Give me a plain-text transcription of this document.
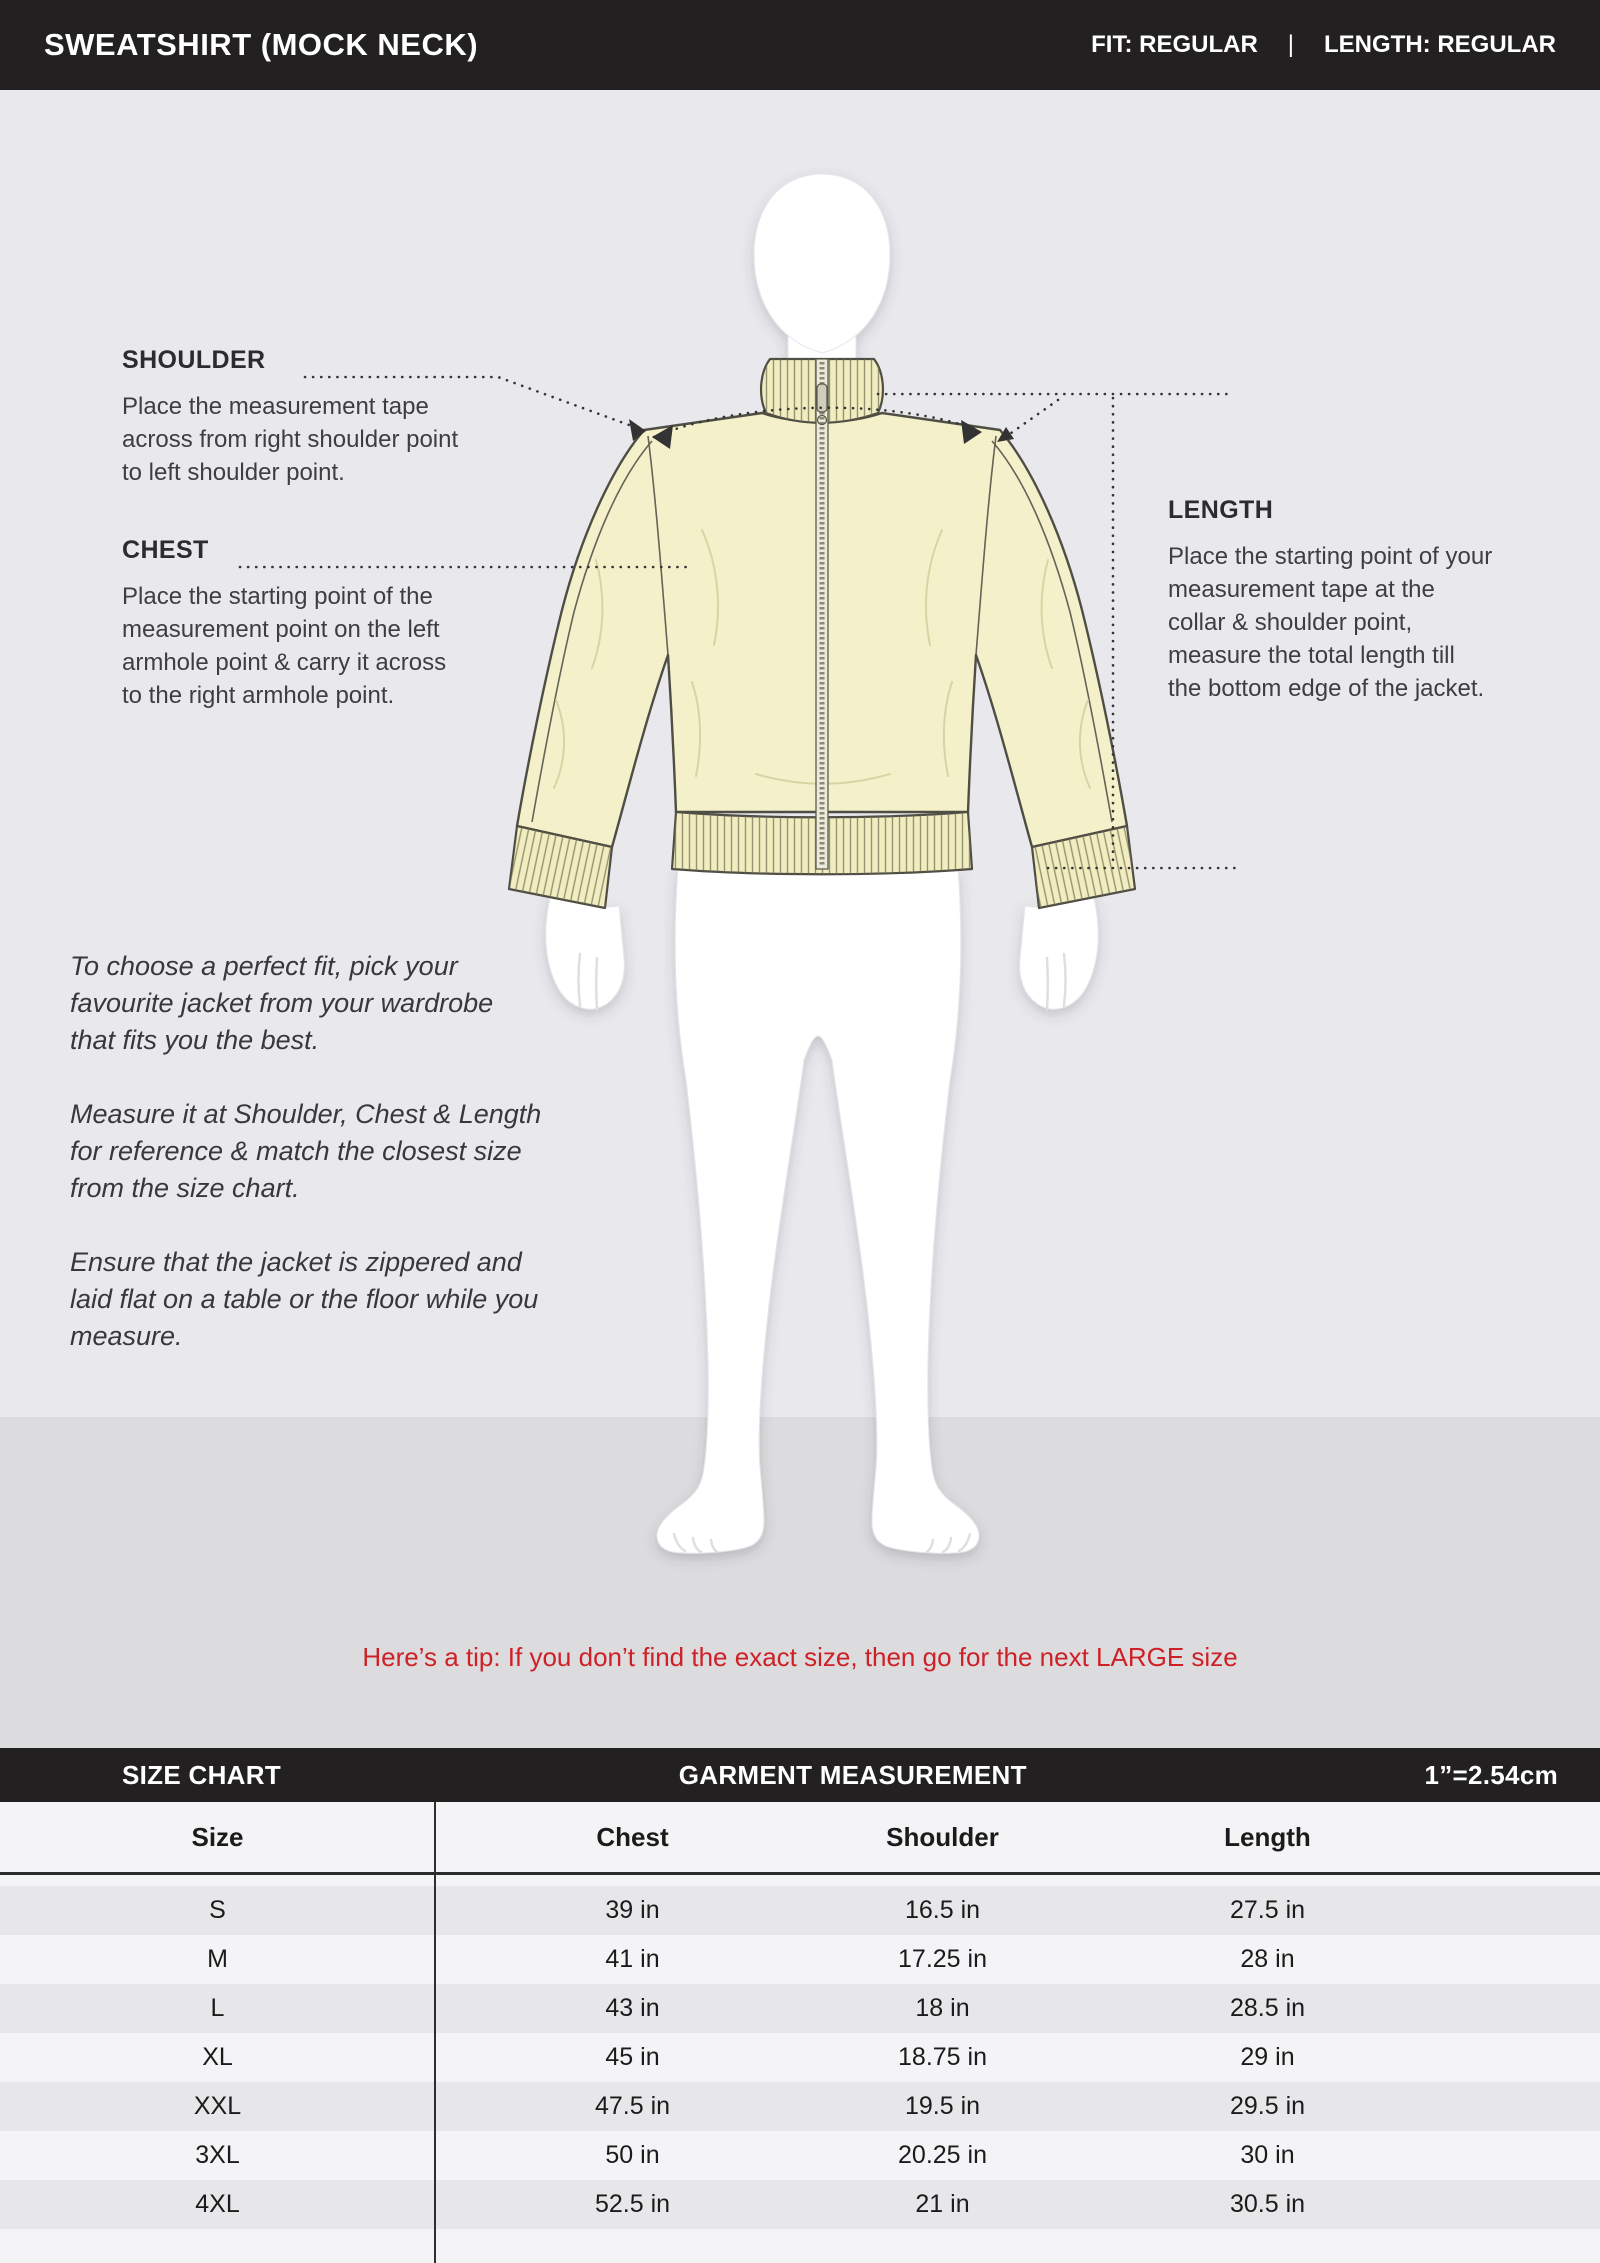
SWEATSHIRT (MOCK NECK)	FIT: REGULAR | LENGTH: REGULAR
SHOULDER
Place the measurement tape
across from right shoulder point
to left shoulder point.
CHEST
Place the starting point of the
measurement point on the left
armhole point & carry it across
to the right armhole point.
LENGTH
Place the starting point of your
measurement tape at the
collar & shoulder point,
measure the total length till
the bottom edge of the jacket.
To choose a perfect fit, pick your
favourite jacket from your wardrobe
that fits you the best.
Measure it at Shoulder, Chest & Length
for reference & match the closest size
from the size chart.
Ensure that the jacket is zippered and
laid flat on a table or the floor while you
measure.
Here’s a tip: If you don’t find the exact size, then go for the next LARGE size
SIZE CHART	GARMENT MEASUREMENT	1”=2.54cm
Size	Chest	Shoulder	Length
S	39 in	16.5 in	27.5 in
M	41 in	17.25 in	28 in
L	43 in	18 in	28.5 in
XL	45 in	18.75 in	29 in
XXL	47.5 in	19.5 in	29.5 in
3XL	50 in	20.25 in	30 in
4XL	52.5 in	21 in	30.5 in
